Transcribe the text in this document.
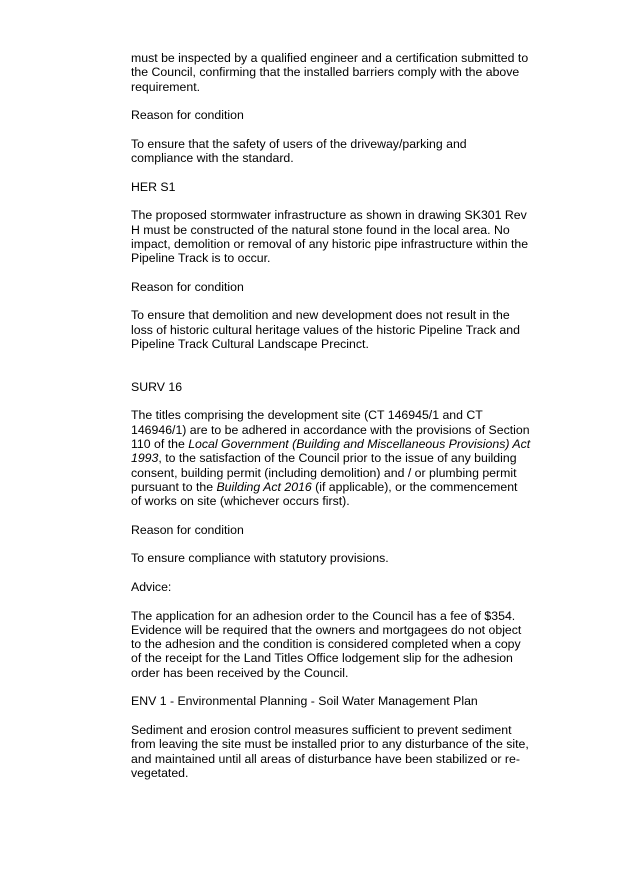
must be inspected by a qualified engineer and a certification submitted to the Council, confirming that the installed barriers comply with the above requirement.

Reason for condition

To ensure that the safety of users of the driveway/parking and compliance with the standard.

HER S1

The proposed stormwater infrastructure as shown in drawing SK301 Rev H must be constructed of the natural stone found in the local area. No impact, demolition or removal of any historic pipe infrastructure within the Pipeline Track is to occur.

Reason for condition

To ensure that demolition and new development does not result in the loss of historic cultural heritage values of the historic Pipeline Track and Pipeline Track Cultural Landscape Precinct.

SURV 16

The titles comprising the development site (CT 146945/1 and CT 146946/1) are to be adhered in accordance with the provisions of Section 110 of the Local Government (Building and Miscellaneous Provisions) Act 1993, to the satisfaction of the Council prior to the issue of any building consent, building permit (including demolition) and / or plumbing permit pursuant to the Building Act 2016 (if applicable), or the commencement of works on site (whichever occurs first).

Reason for condition

To ensure compliance with statutory provisions.

Advice:

The application for an adhesion order to the Council has a fee of $354. Evidence will be required that the owners and mortgagees do not object to the adhesion and the condition is considered completed when a copy of the receipt for the Land Titles Office lodgement slip for the adhesion order has been received by the Council.

ENV 1 - Environmental Planning - Soil Water Management Plan

Sediment and erosion control measures sufficient to prevent sediment from leaving the site must be installed prior to any disturbance of the site, and maintained until all areas of disturbance have been stabilized or re-vegetated.
